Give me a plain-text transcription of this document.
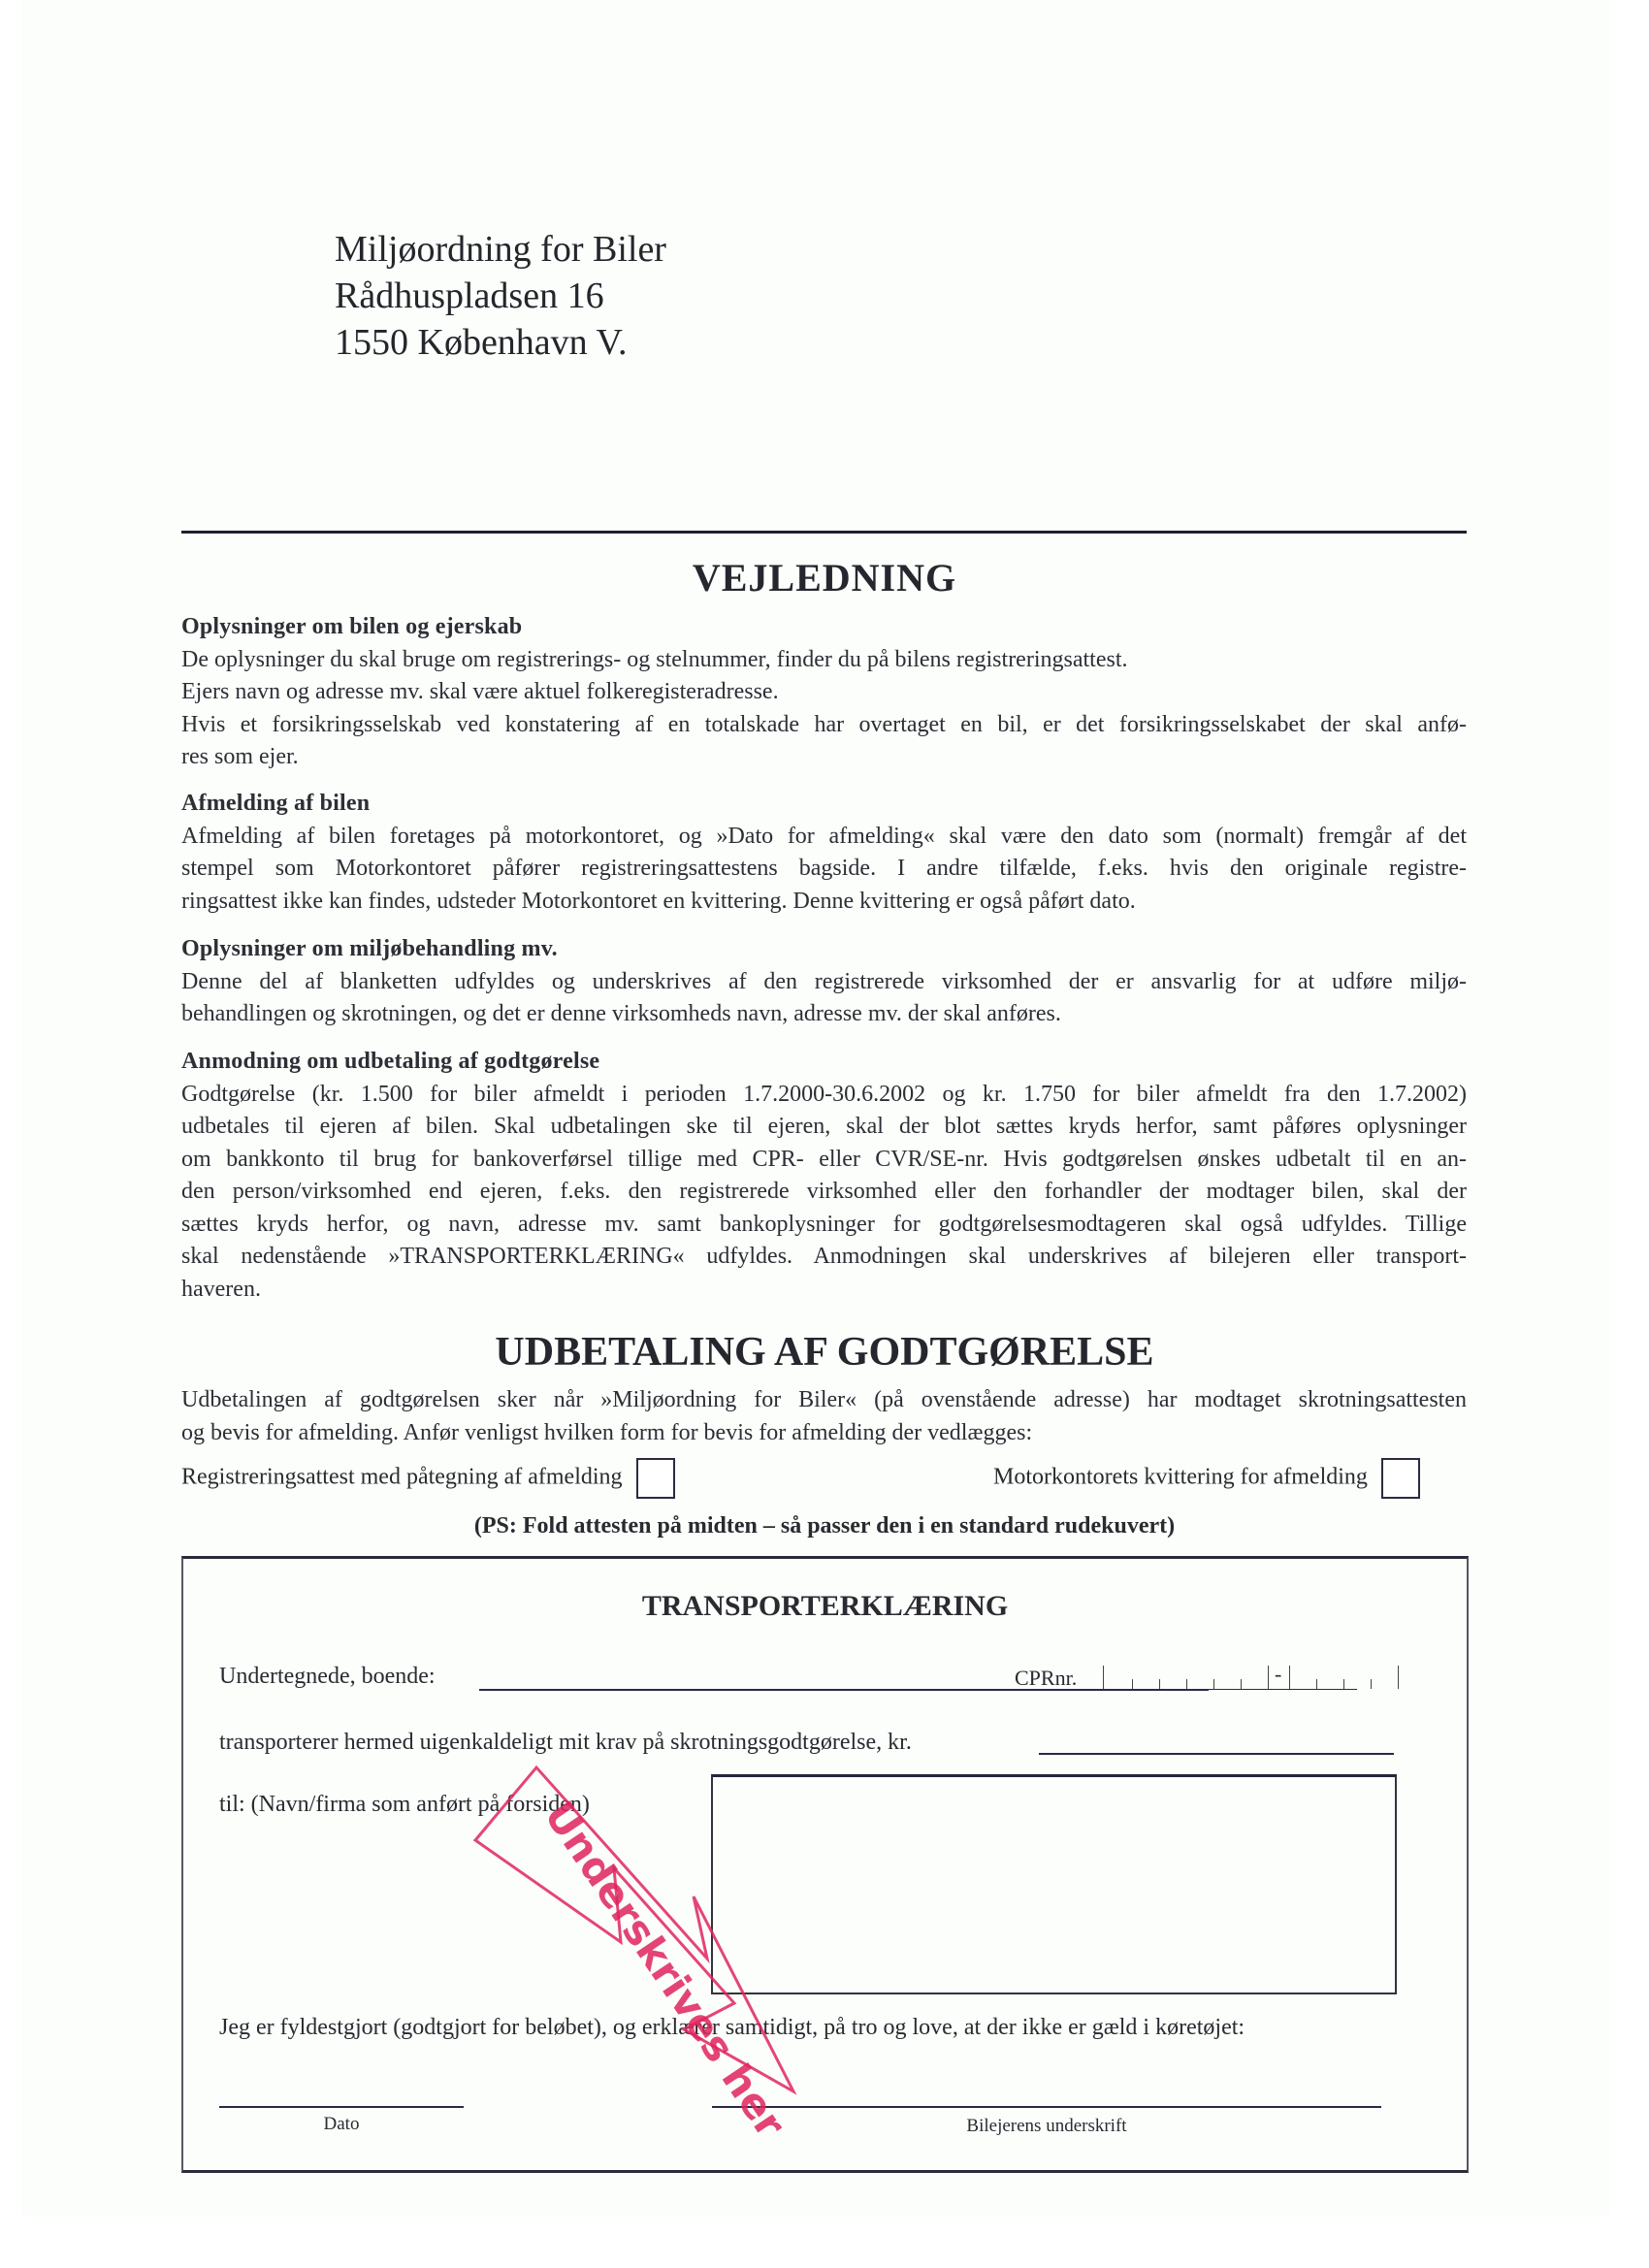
Miljøordning for Biler
Rådhuspladsen 16
1550 København V.
VEJLEDNING
Oplysninger om bilen og ejerskab

De oplysninger du skal bruge om registrerings- og stelnummer, finder du på bilens registreringsattest.

Ejers navn og adresse mv. skal være aktuel folkeregisteradresse.

Hvis et forsikringsselskab ved konstatering af en totalskade har overtaget en bil, er det forsikringsselskabet der skal anfø-

res som ejer.

Afmelding af bilen

Afmelding af bilen foretages på motorkontoret, og »Dato for afmelding« skal være den dato som (normalt) fremgår af det

stempel som Motorkontoret påfører registreringsattestens bagside. I andre tilfælde, f.eks. hvis den originale registre-

ringsattest ikke kan findes, udsteder Motorkontoret en kvittering. Denne kvittering er også påført dato.

Oplysninger om miljøbehandling mv.

Denne del af blanketten udfyldes og underskrives af den registrerede virksomhed der er ansvarlig for at udføre miljø-

behandlingen og skrotningen, og det er denne virksomheds navn, adresse mv. der skal anføres.

Anmodning om udbetaling af godtgørelse

Godtgørelse (kr. 1.500 for biler afmeldt i perioden 1.7.2000-30.6.2002 og kr. 1.750 for biler afmeldt fra den 1.7.2002)

udbetales til ejeren af bilen. Skal udbetalingen ske til ejeren, skal der blot sættes kryds herfor, samt påføres oplysninger

om bankkonto til brug for bankoverførsel tillige med CPR- eller CVR/SE-nr. Hvis godtgørelsen ønskes udbetalt til en an-

den person/virksomhed end ejeren, f.eks. den registrerede virksomhed eller den forhandler der modtager bilen, skal der

sættes kryds herfor, og navn, adresse mv. samt bankoplysninger for godtgørelsesmodtageren skal også udfyldes. Tillige

skal nedenstående »TRANSPORTERKLÆRING« udfyldes. Anmodningen skal underskrives af bilejeren eller transport-

haveren.

UDBETALING AF GODTGØRELSE

Udbetalingen af godtgørelsen sker når »Miljøordning for Biler« (på ovenstående adresse) har modtaget skrotningsattesten

og bevis for afmelding. Anfør venligst hvilken form for bevis for afmelding der vedlægges:

Registreringsattest med påtegning af afmelding	Motorkontorets kvittering for afmelding
(PS: Fold attesten på midten – så passer den i en standard rudekuvert)
TRANSPORTERKLÆRING
Undertegnede, boende:	CPRnr.	-
transporterer hermed uigenkaldeligt mit krav på skrotningsgodtgørelse, kr.
til: (Navn/firma som anført på forsiden)
Jeg er fyldestgjort (godtgjort for beløbet), og erklærer samtidigt, på tro og love, at der ikke er gæld i køretøjet:
Dato	Bilejerens underskrift
Underskrives her
